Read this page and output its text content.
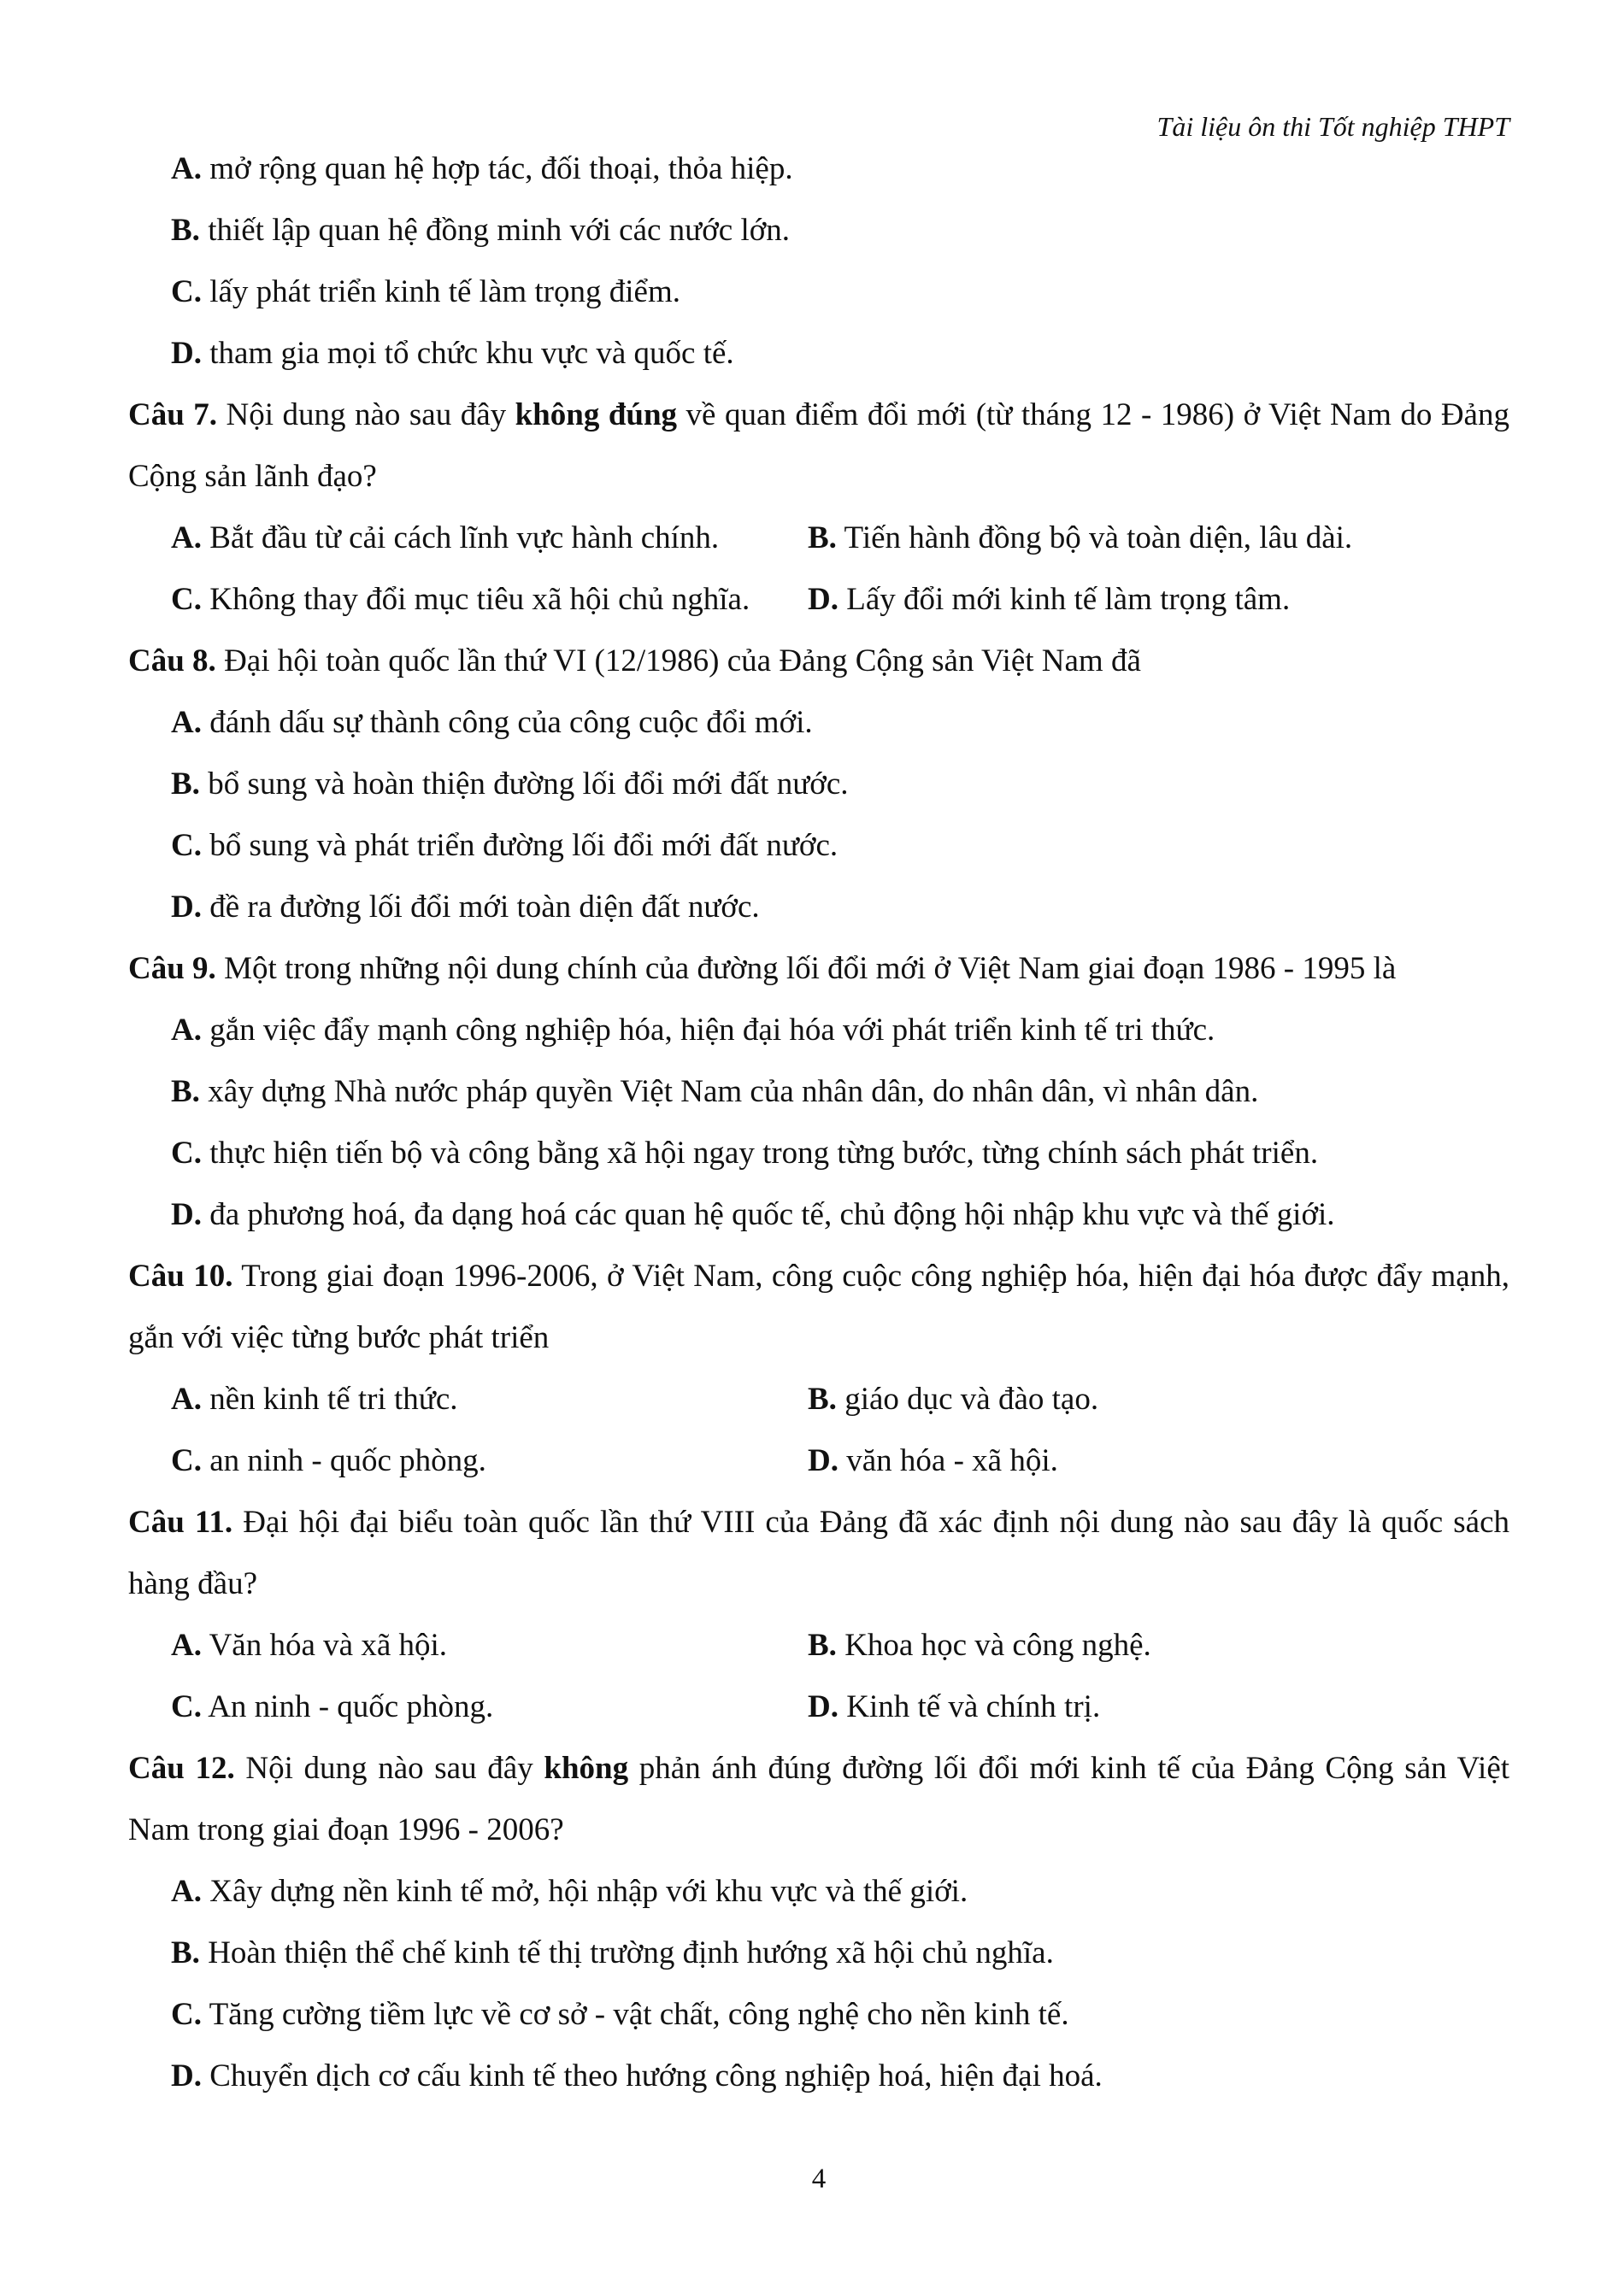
Tài liệu ôn thi Tốt nghiệp THPT
A. mở rộng quan hệ hợp tác, đối thoại, thỏa hiệp.
B. thiết lập quan hệ đồng minh với các nước lớn.
C. lấy phát triển kinh tế làm trọng điểm.
D. tham gia mọi tổ chức khu vực và quốc tế.
Câu 7. Nội dung nào sau đây không đúng về quan điểm đổi mới (từ tháng 12 - 1986) ở Việt Nam do Đảng Cộng sản lãnh đạo?
A. Bắt đầu từ cải cách lĩnh vực hành chính.	B. Tiến hành đồng bộ và toàn diện, lâu dài.
C. Không thay đổi mục tiêu xã hội chủ nghĩa.	D. Lấy đổi mới kinh tế làm trọng tâm.
Câu 8. Đại hội toàn quốc lần thứ VI (12/1986) của Đảng Cộng sản Việt Nam đã
A. đánh dấu sự thành công của công cuộc đổi mới.
B. bổ sung và hoàn thiện đường lối đổi mới đất nước.
C. bổ sung và phát triển đường lối đổi mới đất nước.
D. đề ra đường lối đổi mới toàn diện đất nước.
Câu 9. Một trong những nội dung chính của đường lối đổi mới ở Việt Nam giai đoạn 1986 - 1995 là
A. gắn việc đẩy mạnh công nghiệp hóa, hiện đại hóa với phát triển kinh tế tri thức.
B. xây dựng Nhà nước pháp quyền Việt Nam của nhân dân, do nhân dân, vì nhân dân.
C. thực hiện tiến bộ và công bằng xã hội ngay trong từng bước, từng chính sách phát triển.
D. đa phương hoá, đa dạng hoá các quan hệ quốc tế, chủ động hội nhập khu vực và thế giới.
Câu 10. Trong giai đoạn 1996-2006, ở Việt Nam, công cuộc công nghiệp hóa, hiện đại hóa được đẩy mạnh, gắn với việc từng bước phát triển
A. nền kinh tế tri thức.	B. giáo dục và đào tạo.
C. an ninh - quốc phòng.	D. văn hóa - xã hội.
Câu 11. Đại hội đại biểu toàn quốc lần thứ VIII của Đảng đã xác định nội dung nào sau đây là quốc sách hàng đầu?
A. Văn hóa và xã hội.	B. Khoa học và công nghệ.
C. An ninh - quốc phòng.	D. Kinh tế và chính trị.
Câu 12. Nội dung nào sau đây không phản ánh đúng đường lối đổi mới kinh tế của Đảng Cộng sản Việt Nam trong giai đoạn 1996 - 2006?
A. Xây dựng nền kinh tế mở, hội nhập với khu vực và thế giới.
B. Hoàn thiện thể chế kinh tế thị trường định hướng xã hội chủ nghĩa.
C. Tăng cường tiềm lực về cơ sở - vật chất, công nghệ cho nền kinh tế.
D. Chuyển dịch cơ cấu kinh tế theo hướng công nghiệp hoá, hiện đại hoá.
4
